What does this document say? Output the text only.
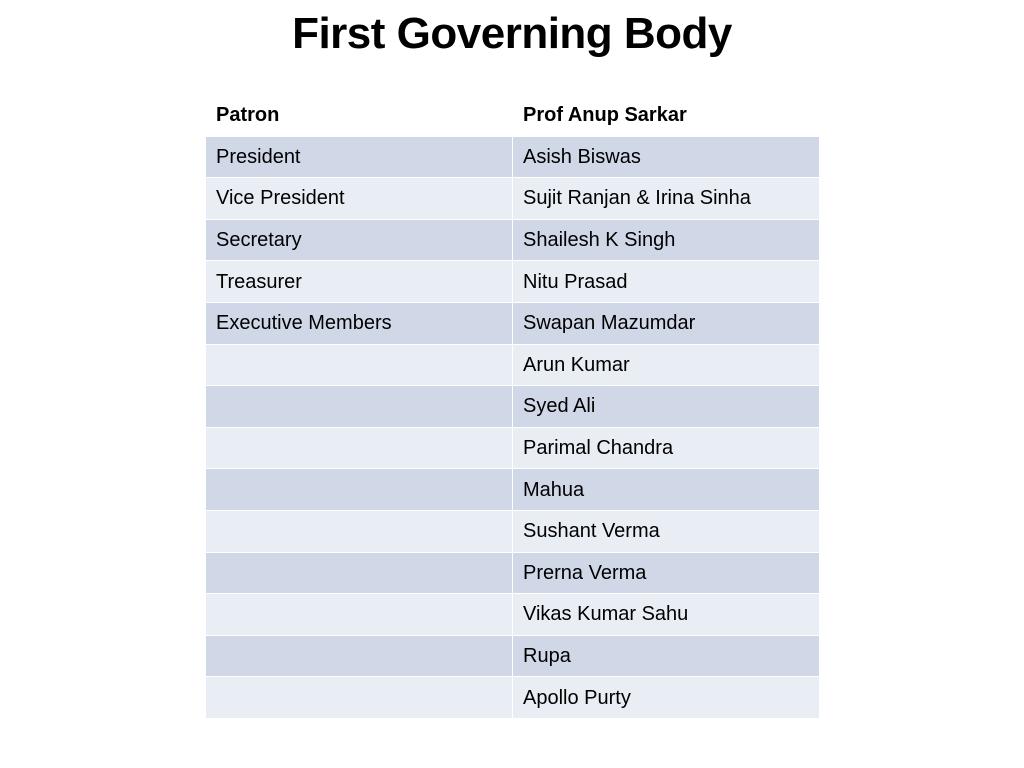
First Governing Body
Patron	Prof Anup Sarkar
President	Asish Biswas
Vice President	Sujit Ranjan & Irina Sinha
Secretary	Shailesh K Singh
Treasurer	Nitu Prasad
Executive Members	Swapan Mazumdar
	Arun Kumar
	Syed Ali
	Parimal Chandra
	Mahua
	Sushant Verma
	Prerna Verma
	Vikas Kumar Sahu
	Rupa
	Apollo Purty
